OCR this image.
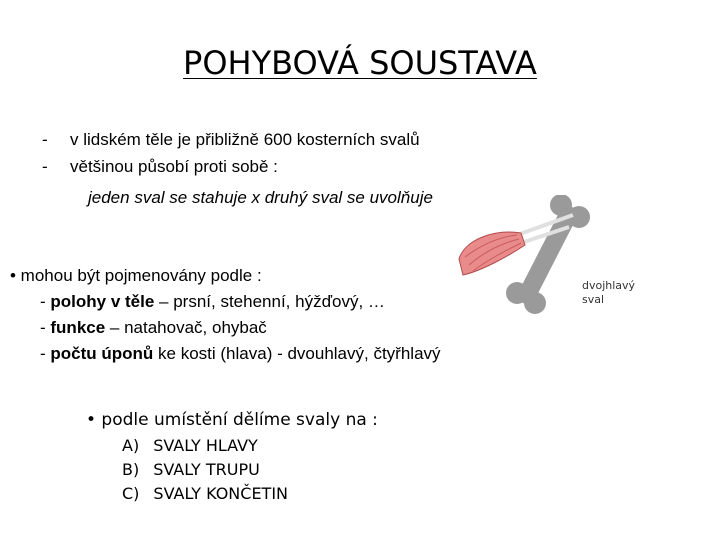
POHYBOVÁ SOUSTAVA
- v lidském těle je přibližně 600 kosterních svalů
- většinou působí proti sobě :
jeden sval se stahuje x druhý sval se uvolňuje
• mohou být pojmenovány podle :
- polohy v těle – prsní, stehenní, hýžďový, …
- funkce – natahovač, ohybač
- počtu úponů ke kosti (hlava) - dvouhlavý, čtyřhlavý
• podle umístění dělíme svaly na :
A) SVALY HLAVY
B) SVALY TRUPU
C) SVALY KONČETIN
dvojhlavý
sval
